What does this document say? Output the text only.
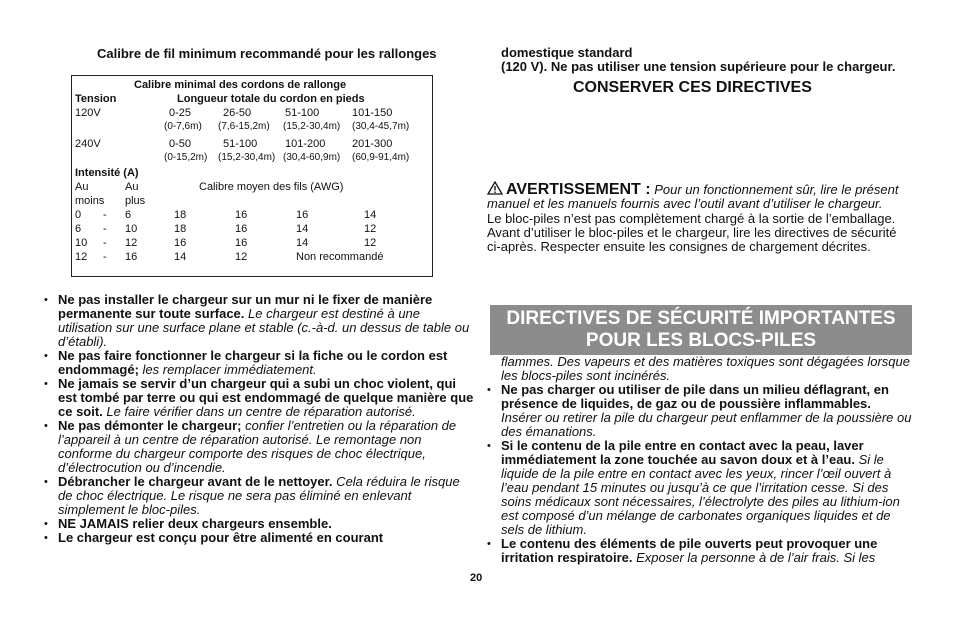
Calibre de fil minimum recommandé pour les rallonges
Calibre minimal des cordons de rallonge
Tension	Longueur totale du cordon en pieds
120V	0-25	26-50	51-100	101-150
(0-7,6m) (7,6-15,2m) (15,2-30,4m) (30,4-45,7m)
240V	0-50	51-100	101-200 201-300
(0-15,2m) (15,2-30,4m) (30,4-60,9m) (60,9-91,4m)
Intensité (A)
Au	Au	Calibre moyen des fils (AWG)
moins plus
0 - 6	18	16	16	14
6 - 10	18	16	14	12
10 - 12	16	16	14	12
12 - 16	14	12	Non recommandé
• Ne pas installer le chargeur sur un mur ni le fixer de manière permanente sur toute surface. Le chargeur est destiné à une utilisation sur une surface plane et stable (c.-à-d. un dessus de table ou d’établi).
• Ne pas faire fonctionner le chargeur si la fiche ou le cordon est endommagé; les remplacer immédiatement.
• Ne jamais se servir d’un chargeur qui a subi un choc violent, qui est tombé par terre ou qui est endommagé de quelque manière que ce soit. Le faire vérifier dans un centre de réparation autorisé.
• Ne pas démonter le chargeur; confier l’entretien ou la réparation de l’appareil à un centre de réparation autorisé. Le remontage non conforme du chargeur comporte des risques de choc électrique, d’électrocution ou d’incendie.
• Débrancher le chargeur avant de le nettoyer. Cela réduira le risque de choc électrique. Le risque ne sera pas éliminé en enlevant simplement le bloc-piles.
• NE JAMAIS relier deux chargeurs ensemble.
• Le chargeur est conçu pour être alimenté en courant
domestique standard
(120 V). Ne pas utiliser une tension supérieure pour le chargeur.
CONSERVER CES DIRECTIVES
AVERTISSEMENT : Pour un fonctionnement sûr, lire le présent manuel et les manuels fournis avec l’outil avant d’utiliser le chargeur.
Le bloc-piles n’est pas complètement chargé à la sortie de l’emballage. Avant d’utiliser le bloc-piles et le chargeur, lire les directives de sécurité ci-après. Respecter ensuite les consignes de chargement décrites.
DIRECTIVES DE SÉCURITÉ IMPORTANTES
POUR LES BLOCS-PILES
flammes. Des vapeurs et des matières toxiques sont dégagées lorsque les blocs-piles sont incinérés.
• Ne pas charger ou utiliser de pile dans un milieu déflagrant, en présence de liquides, de gaz ou de poussière inflammables. Insérer ou retirer la pile du chargeur peut enflammer de la poussière ou des émanations.
• Si le contenu de la pile entre en contact avec la peau, laver immédiatement la zone touchée au savon doux et à l’eau. Si le liquide de la pile entre en contact avec les yeux, rincer l’œil ouvert à l’eau pendant 15 minutes ou jusqu’à ce que l’irritation cesse. Si des soins médicaux sont nécessaires, l’électrolyte des piles au lithium-ion est composé d’un mélange de carbonates organiques liquides et de sels de lithium.
• Le contenu des éléments de pile ouverts peut provoquer une irritation respiratoire. Exposer la personne à de l’air frais. Si les
20
